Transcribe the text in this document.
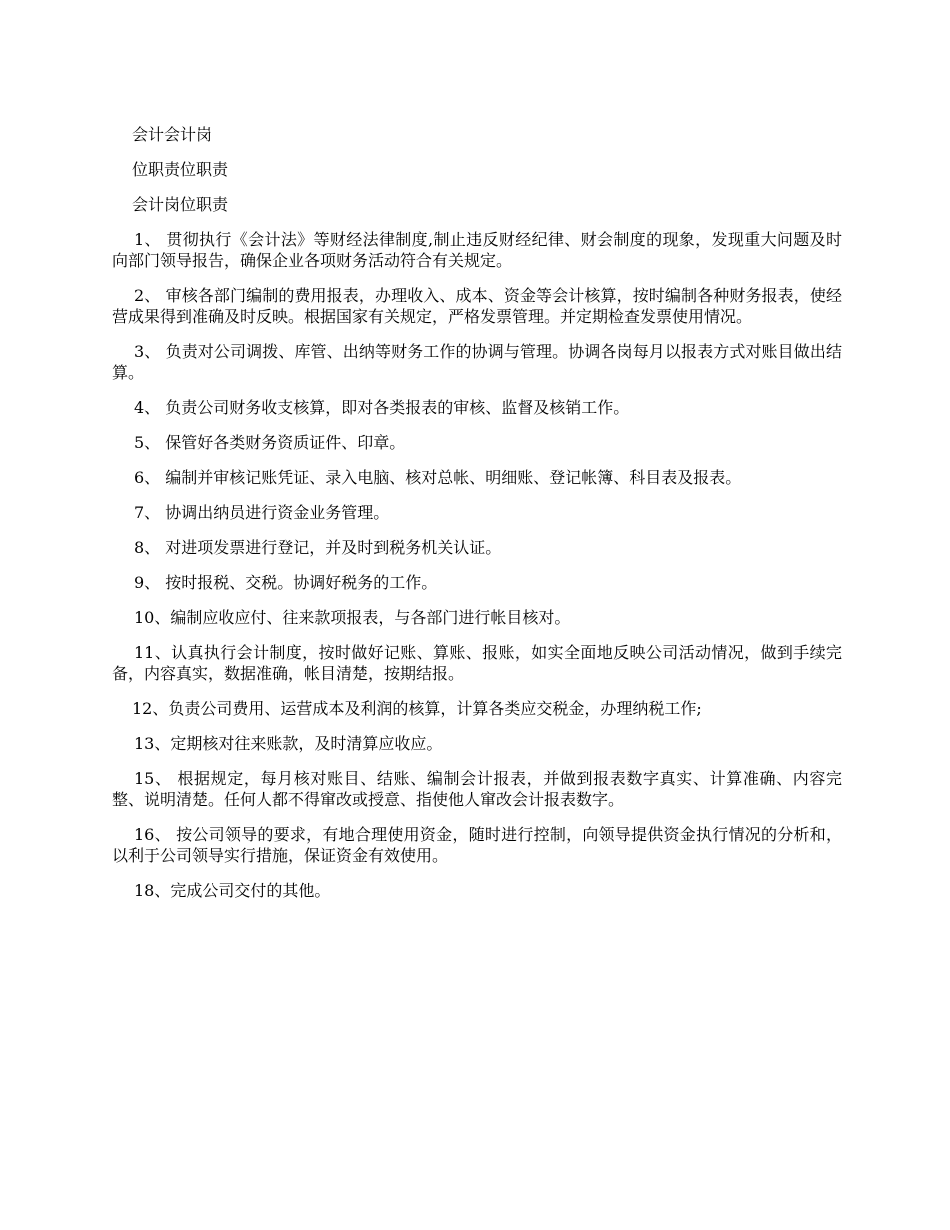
会计会计岗

位职责位职责

会计岗位职责

1、 贯彻执行《会计法》等财经法律制度,制止违反财经纪律、财会制度的现象，发现重大问题及时向部门领导报告，确保企业各项财务活动符合有关规定。

2、 审核各部门编制的费用报表，办理收入、成本、资金等会计核算，按时编制各种财务报表，使经营成果得到准确及时反映。根据国家有关规定，严格发票管理。并定期检查发票使用情况。

3、 负责对公司调拨、库管、出纳等财务工作的协调与管理。协调各岗每月以报表方式对账目做出结算。

4、 负责公司财务收支核算，即对各类报表的审核、监督及核销工作。

5、 保管好各类财务资质证件、印章。

6、 编制并审核记账凭证、录入电脑、核对总帐、明细账、登记帐簿、科目表及报表。

7、 协调出纳员进行资金业务管理。

8、 对进项发票进行登记，并及时到税务机关认证。

9、 按时报税、交税。协调好税务的工作。

10、编制应收应付、往来款项报表，与各部门进行帐目核对。

11、认真执行会计制度，按时做好记账、算账、报账，如实全面地反映公司活动情况，做到手续完备，内容真实，数据准确，帐目清楚，按期结报。

12、负责公司费用、运营成本及利润的核算，计算各类应交税金，办理纳税工作;

13、定期核对往来账款，及时清算应收应。

15、 根据规定，每月核对账目、结账、编制会计报表，并做到报表数字真实、计算准确、内容完整、说明清楚。任何人都不得窜改或授意、指使他人窜改会计报表数字。

16、 按公司领导的要求，有地合理使用资金，随时进行控制，向领导提供资金执行情况的分析和，以利于公司领导实行措施，保证资金有效使用。

18、完成公司交付的其他。
